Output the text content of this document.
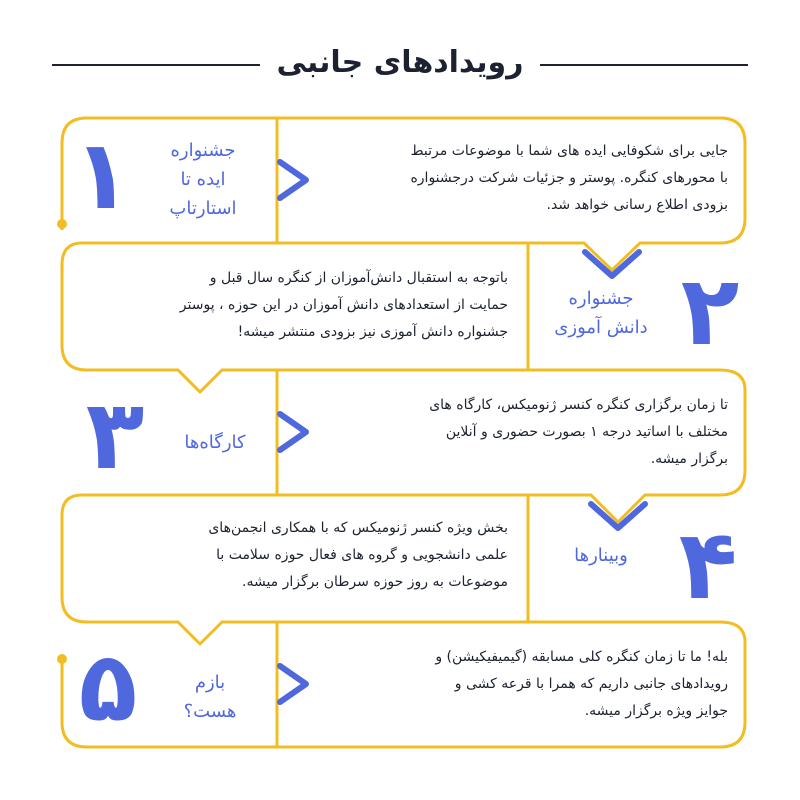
رویدادهای جانبی
۱	جشنواره
ایده تا
استارتاپ
جایی برای شکوفایی ایده های شما با موضوعات مرتبط
با محورهای کنگره. پوستر و جزئیات شرکت درجشنواره
بزودی اطلاع رسانی خواهد شد.
باتوجه به استقبال دانش‌آموزان از کنگره سال قبل و
حمایت از استعدادهای دانش آموزان در این حوزه ، پوستر
جشنواره دانش آموزی نیز بزودی منتشر میشه!
جشنواره
دانش آموزی ۲
۳	کارگاه‌ها
تا زمان برگزاری کنگره کنسر ژنومیکس، کارگاه های
مختلف با اساتید درجه ۱ بصورت حضوری و آنلاین
برگزار میشه.
بخش ویژه کنسر ژنومیکس که با همکاری انجمن‌های
علمی دانشجویی و گروه های فعال حوزه سلامت با
موضوعات به روز حوزه سرطان برگزار میشه.
وبینارها ۴
۵	بازم
هست؟
بله! ما تا زمان کنگره کلی مسابقه (گیمیفیکیشن) و
رویدادهای جانبی داریم که همرا با قرعه کشی و
جوایز ویژه برگزار میشه.
